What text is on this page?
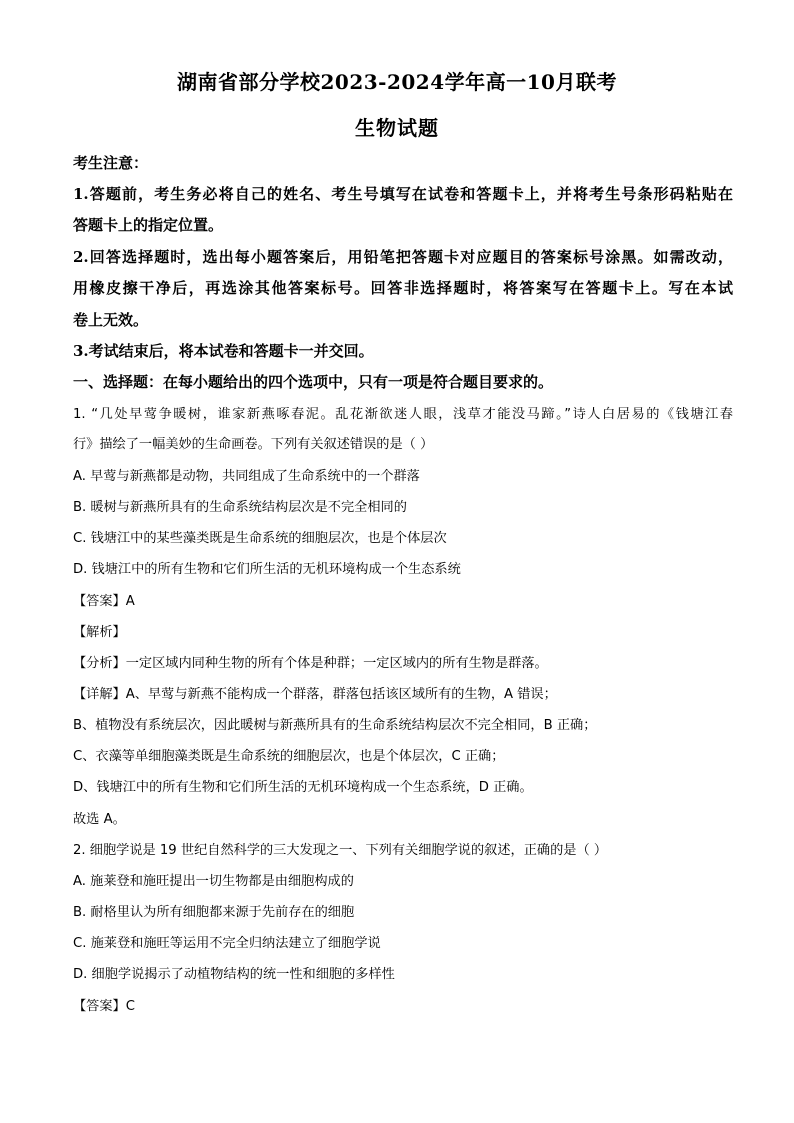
湖南省部分学校2023-2024学年高一10月联考
生物试题
考生注意：
1.答题前，考生务必将自己的姓名、考生号填写在试卷和答题卡上，并将考生号条形码粘贴在
答题卡上的指定位置。
2.回答选择题时，选出每小题答案后，用铅笔把答题卡对应题目的答案标号涂黑。如需改动，
用橡皮擦干净后，再选涂其他答案标号。回答非选择题时，将答案写在答题卡上。写在本试
卷上无效。
3.考试结束后，将本试卷和答题卡一并交回。
一、选择题：在每小题给出的四个选项中，只有一项是符合题目要求的。
1. “几处早莺争暖树，谁家新燕啄春泥。乱花渐欲迷人眼，浅草才能没马蹄。”诗人白居易的《钱塘江春
行》描绘了一幅美妙的生命画卷。下列有关叙述错误的是（ ）
A. 早莺与新燕都是动物，共同组成了生命系统中的一个群落
B. 暖树与新燕所具有的生命系统结构层次是不完全相同的
C. 钱塘江中的某些藻类既是生命系统的细胞层次，也是个体层次
D. 钱塘江中的所有生物和它们所生活的无机环境构成一个生态系统
【答案】A
【解析】
【分析】一定区域内同种生物的所有个体是种群；一定区域内的所有生物是群落。
【详解】A、早莺与新燕不能构成一个群落，群落包括该区域所有的生物，A 错误；
B、植物没有系统层次，因此暖树与新燕所具有的生命系统结构层次不完全相同，B 正确；
C、衣藻等单细胞藻类既是生命系统的细胞层次，也是个体层次，C 正确；
D、钱塘江中的所有生物和它们所生活的无机环境构成一个生态系统，D 正确。
故选 A。
2. 细胞学说是 19 世纪自然科学的三大发现之一、下列有关细胞学说的叙述，正确的是（ ）
A. 施莱登和施旺提出一切生物都是由细胞构成的
B. 耐格里认为所有细胞都来源于先前存在的细胞
C. 施莱登和施旺等运用不完全归纳法建立了细胞学说
D. 细胞学说揭示了动植物结构的统一性和细胞的多样性
【答案】C
